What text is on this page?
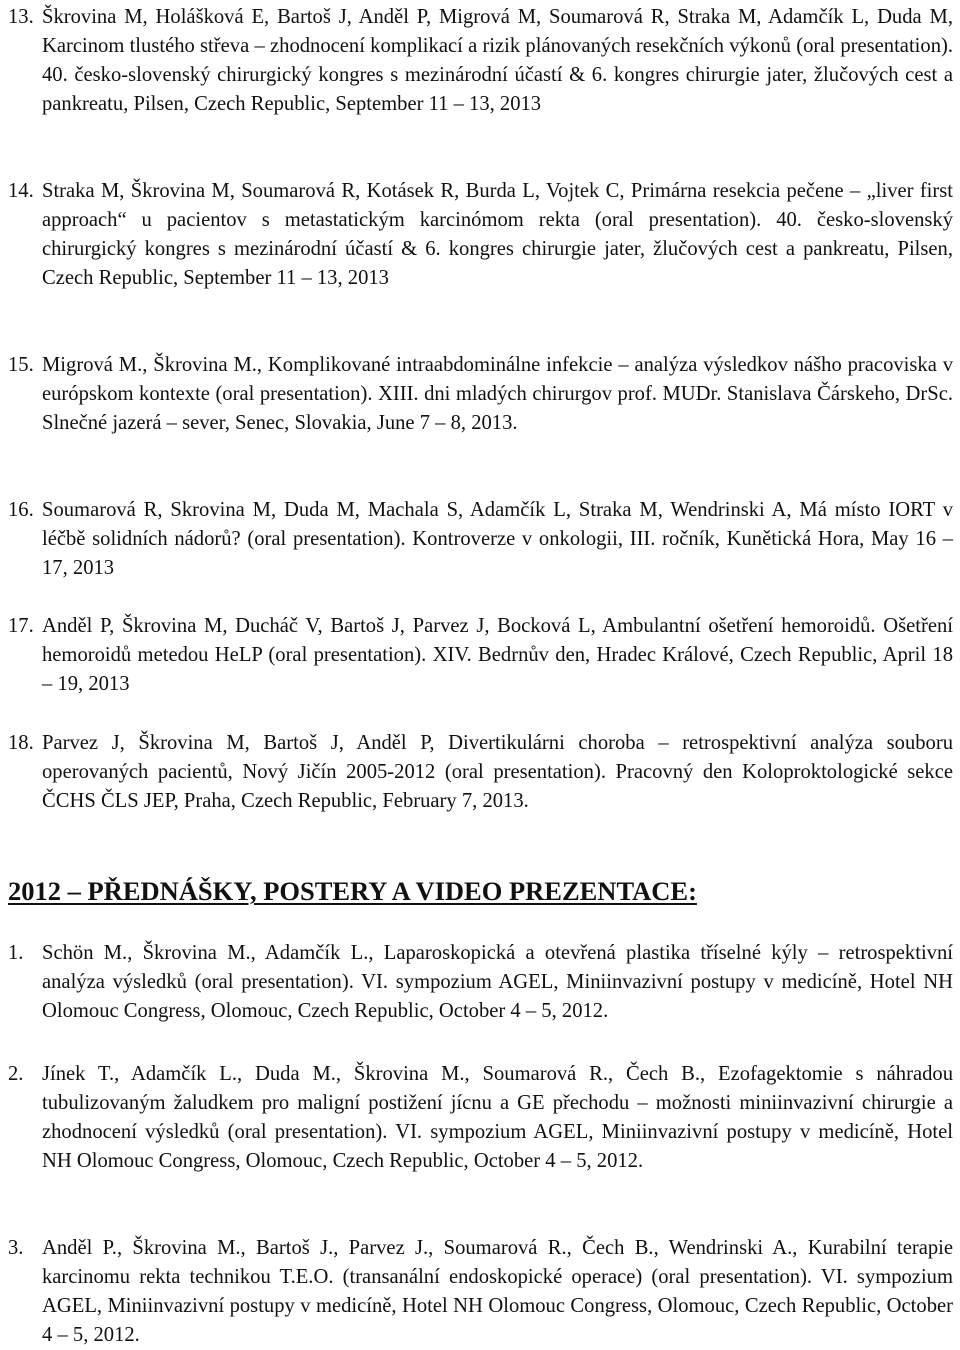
13. Škrovina M, Holášková E, Bartoš J, Anděl P, Migrová M, Soumarová R, Straka M, Adamčík L, Duda M, Karcinom tlustého střeva – zhodnocení komplikací a rizik plánovaných resekčních výkonů (oral presentation). 40. česko-slovenský chirurgický kongres s mezinárodní účastí & 6. kongres chirurgie jater, žlučových cest a pankreatu, Pilsen, Czech Republic, September 11 – 13, 2013
14. Straka M, Škrovina M, Soumarová R, Kotásek R, Burda L, Vojtek C, Primárna resekcia pečene – „liver first approach“ u pacientov s metastatickým karcinómom rekta (oral presentation). 40. česko-slovenský chirurgický kongres s mezinárodní účastí & 6. kongres chirurgie jater, žlučových cest a pankreatu, Pilsen, Czech Republic, September 11 – 13, 2013
15. Migrová M., Škrovina M., Komplikované intraabdominálne infekcie – analýza výsledkov nášho pracoviska v európskom kontexte (oral presentation). XIII. dni mladých chirurgov prof. MUDr. Stanislava Čárskeho, DrSc. Slnečné jazerá – sever, Senec, Slovakia, June 7 – 8, 2013.
16. Soumarová R, Skrovina M, Duda M, Machala S, Adamčík L, Straka M, Wendrinski A, Má místo IORT v léčbě solidních nádorů? (oral presentation). Kontroverze v onkologii, III. ročník, Kunětická Hora, May 16 – 17, 2013
17. Anděl P, Škrovina M, Ducháč V, Bartoš J, Parvez J, Bocková L, Ambulantní ošetření hemoroidů. Ošetření hemoroidů metedou HeLP (oral presentation). XIV. Bedrnův den, Hradec Králové, Czech Republic, April 18 – 19, 2013
18. Parvez J, Škrovina M, Bartoš J, Anděl P, Divertikulárni choroba – retrospektivní analýza souboru operovaných pacientů, Nový Jičín 2005-2012 (oral presentation). Pracovný den Koloproktologické sekce ČCHS ČLS JEP, Praha, Czech Republic, February 7, 2013.
2012 – PŘEDNÁŠKY, POSTERY A VIDEO PREZENTACE:
1. Schön M., Škrovina M., Adamčík L., Laparoskopická a otevřená plastika tříselné kýly – retrospektivní analýza výsledků (oral presentation). VI. sympozium AGEL, Miniinvazivní postupy v medicíně, Hotel NH Olomouc Congress, Olomouc, Czech Republic, October 4 – 5, 2012.
2. Jínek T., Adamčík L., Duda M., Škrovina M., Soumarová R., Čech B., Ezofagektomie s náhradou tubulizovaným žaludkem pro maligní postižení jícnu a GE přechodu – možnosti miniinvazivní chirurgie a zhodnocení výsledků (oral presentation). VI. sympozium AGEL, Miniinvazivní postupy v medicíně, Hotel NH Olomouc Congress, Olomouc, Czech Republic, October 4 – 5, 2012.
3. Anděl P., Škrovina M., Bartoš J., Parvez J., Soumarová R., Čech B., Wendrinski A., Kurabilní terapie karcinomu rekta technikou T.E.O. (transanální endoskopické operace) (oral presentation). VI. sympozium AGEL, Miniinvazivní postupy v medicíně, Hotel NH Olomouc Congress, Olomouc, Czech Republic, October 4 – 5, 2012.
